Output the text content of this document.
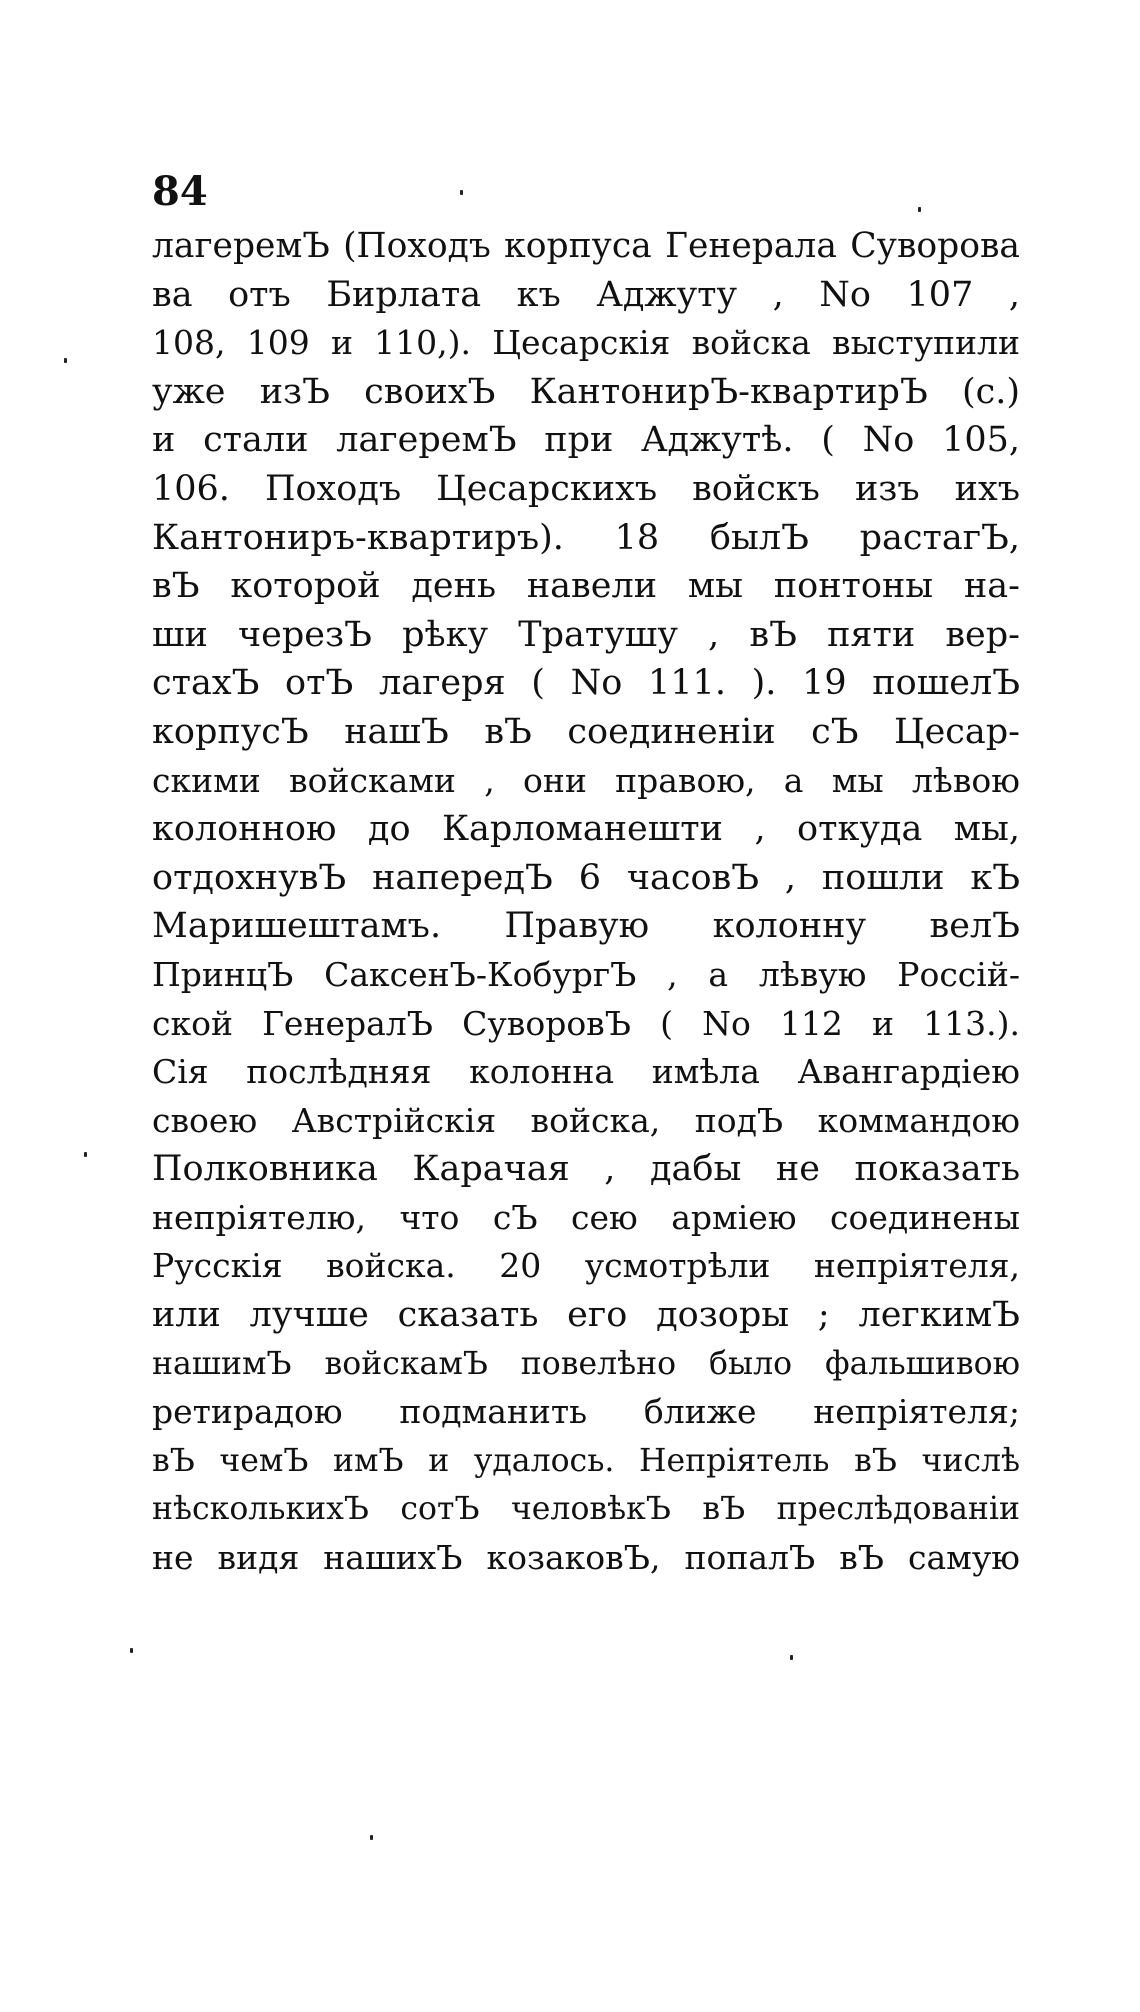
84
лагеремЪ (Походъ корпуса Генерала Суворова
ва отъ Бирлата къ Аджуту , No 107 ,
108, 109 и 110,). Цесарскія войска выступили
уже изЪ своихЪ КантонирЪ-квартирЪ (с.)
и стали лагеремЪ при Аджутѣ. ( No 105,
106. Походъ Цесарскихъ войскъ изъ ихъ
Кантониръ-квартиръ). 18 былЪ растагЪ,
вЪ которой день навели мы понтоны на-
ши черезЪ рѣку Тратушу , вЪ пяти вер-
стахЪ отЪ лагеря ( No 111. ). 19 пошелЪ
корпусЪ нашЪ вЪ соединенiи сЪ Цесар-
скими войсками , они правою, а мы лѣвою
колонною до Карломанешти , откуда мы,
отдохнувЪ напередЪ 6 часовЪ , пошли кЪ
Маришештамъ. Правую колонну велЪ
ПринцЪ СаксенЪ-КобургЪ , а лѣвую Россій-
ской ГенералЪ СуворовЪ ( No 112 и 113.).
Сія послѣдняя колонна имѣла Авангардiею
своею Австрiйскія войска, подЪ коммандою
Полковника Карачая , дабы не показать
непрiятелю, что сЪ сею армiею соединены
Русскія войска. 20 усмотрѣли непрiятеля,
или лучше сказать его дозоры ; легкимЪ
нашимЪ войскамЪ повелѣно было фальшивою
ретирадою подманить ближе непрiятеля;
вЪ чемЪ имЪ и удалось. Непрiятель вЪ числѣ
нѣсколькихЪ сотЪ человѣкЪ вЪ преслѣдованiи
не видя нашихЪ козаковЪ, попалЪ вЪ самую
